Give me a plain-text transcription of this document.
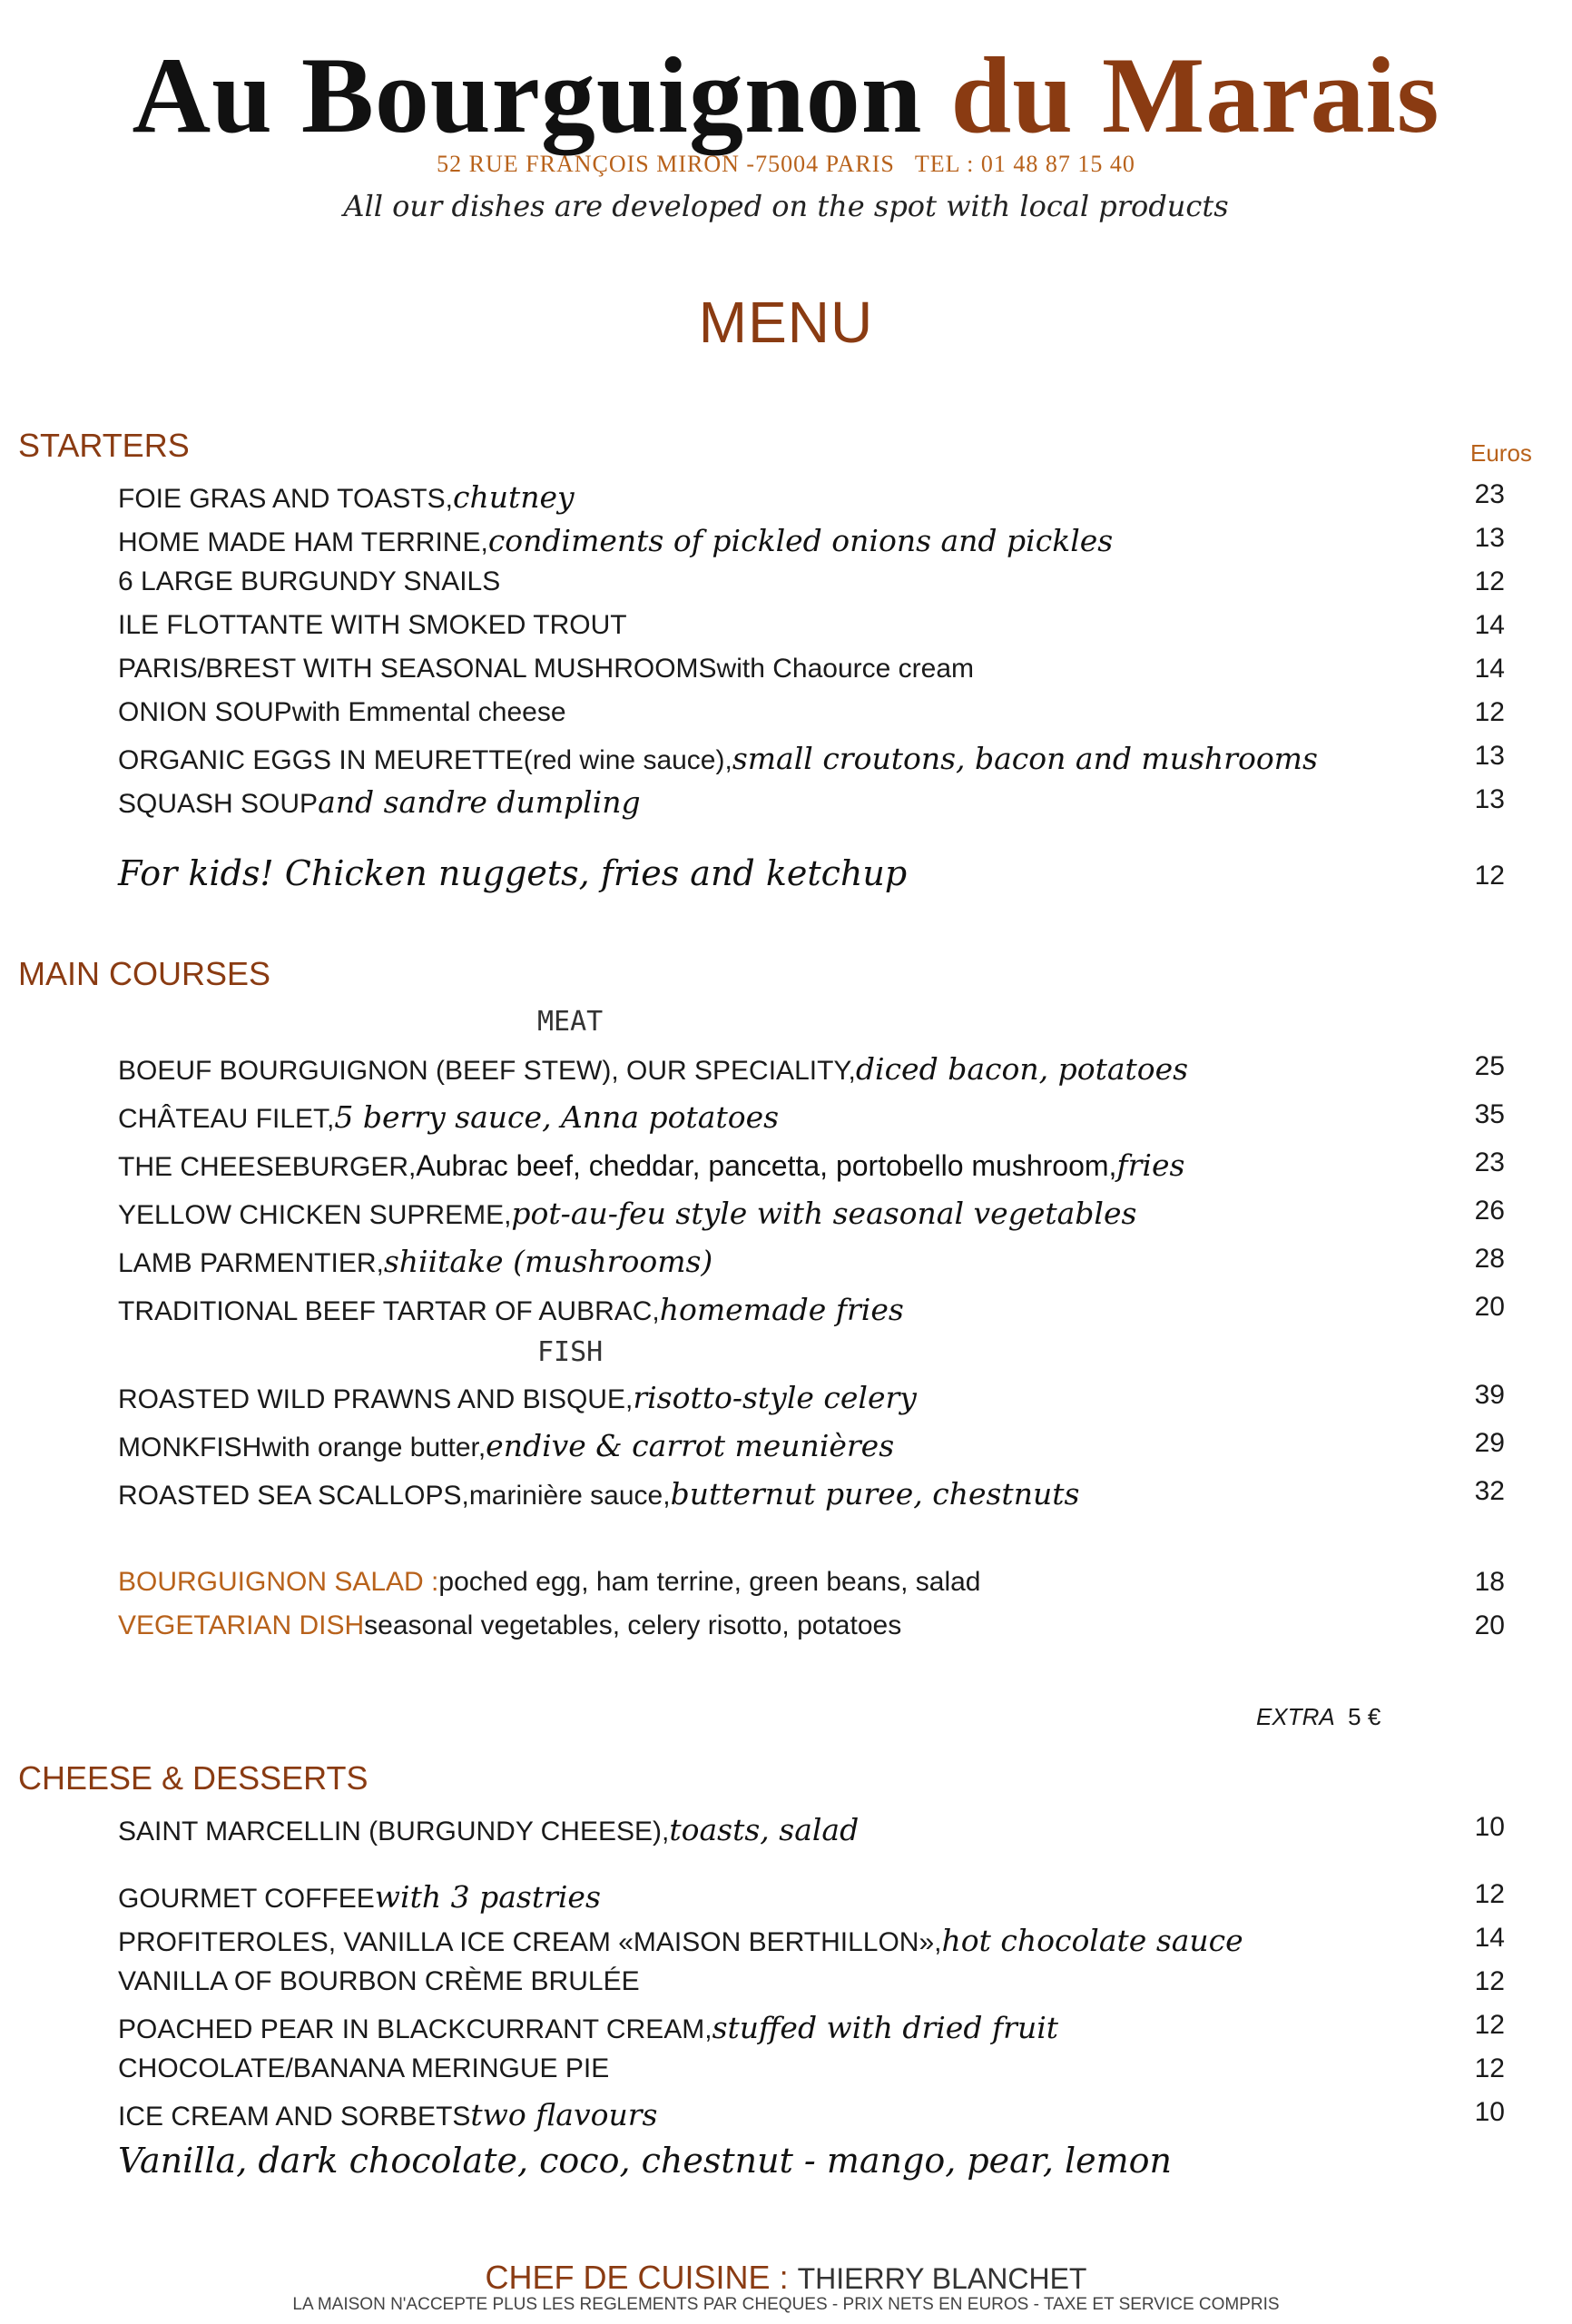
Au Bourguignon du Marais
52 RUE FRANÇOIS MIRON -75004 PARIS   TEL : 01 48 87 15 40
All our dishes are developed on the spot with local products
MENU
STARTERS	Euros
FOIE GRAS AND TOASTS, chutney	23
HOME MADE HAM TERRINE, condiments of pickled onions and pickles	13
6 LARGE BURGUNDY SNAILS	12
ILE FLOTTANTE WITH SMOKED TROUT	14
PARIS/BREST WITH SEASONAL MUSHROOMS with Chaource cream	14
ONION SOUP with Emmental cheese	12
ORGANIC EGGS IN MEURETTE (red wine sauce), small croutons, bacon and mushrooms	13
SQUASH SOUP and sandre dumpling	13
For kids! Chicken nuggets, fries and ketchup	12
MAIN COURSES
MEAT
BOEUF BOURGUIGNON (BEEF STEW), OUR SPECIALITY, diced bacon, potatoes	25
CHÂTEAU FILET, 5 berry sauce, Anna potatoes	35
THE CHEESEBURGER, Aubrac beef, cheddar, pancetta, portobello mushroom, fries	23
YELLOW CHICKEN SUPREME, pot-au-feu style with seasonal vegetables	26
LAMB PARMENTIER, shiitake (mushrooms)	28
TRADITIONAL BEEF TARTAR OF AUBRAC, homemade fries	20
FISH
ROASTED WILD PRAWNS AND BISQUE, risotto-style celery	39
MONKFISH with orange butter, endive & carrot meunières	29
ROASTED SEA SCALLOPS, marinière sauce, butternut puree, chestnuts	32
BOURGUIGNON SALAD : poched egg, ham terrine, green beans, salad	18
VEGETARIAN DISH seasonal vegetables, celery risotto, potatoes	20
EXTRA 5 €
CHEESE & DESSERTS
SAINT MARCELLIN (BURGUNDY CHEESE), toasts, salad	10
GOURMET COFFEE with 3 pastries	12
PROFITEROLES, VANILLA ICE CREAM «MAISON BERTHILLON», hot chocolate sauce	14
VANILLA OF BOURBON CRÈME BRULÉE	12
POACHED PEAR IN BLACKCURRANT CREAM, stuffed with dried fruit	12
CHOCOLATE/BANANA MERINGUE PIE	12
ICE CREAM AND SORBETS two flavours	10
Vanilla, dark chocolate, coco, chestnut - mango, pear, lemon
CHEF DE CUISINE : THIERRY BLANCHET
LA MAISON N'ACCEPTE PLUS LES REGLEMENTS PAR CHEQUES - PRIX NETS EN EUROS - TAXE ET SERVICE COMPRIS
